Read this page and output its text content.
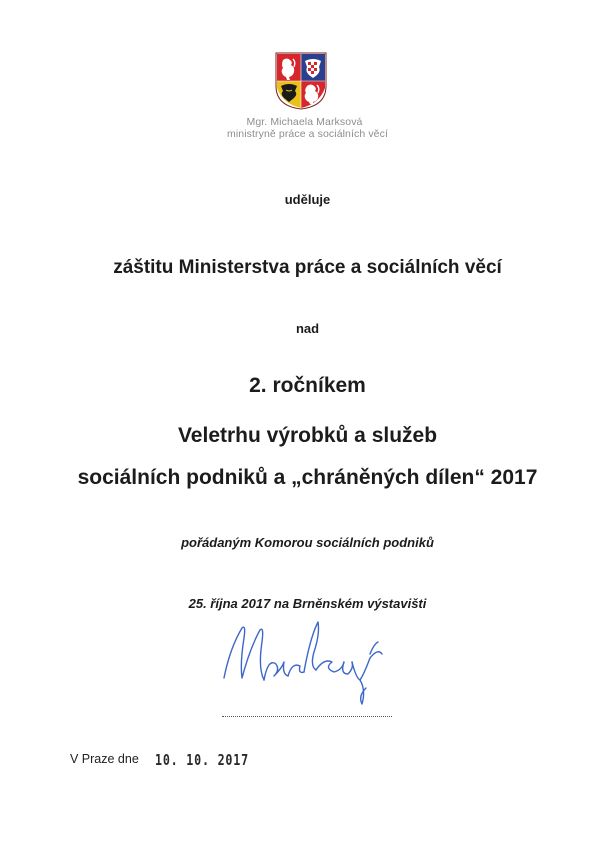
Mgr. Michaela Marksová
ministryně práce a sociálních věcí
uděluje
záštitu Ministerstva práce a sociálních věcí
nad
2. ročníkem
Veletrhu výrobků a služeb
sociálních podniků a „chráněných dílen“ 2017
pořádaným Komorou sociálních podniků
25. října 2017 na Brněnském výstavišti
V Praze dne 10. 10. 2017
